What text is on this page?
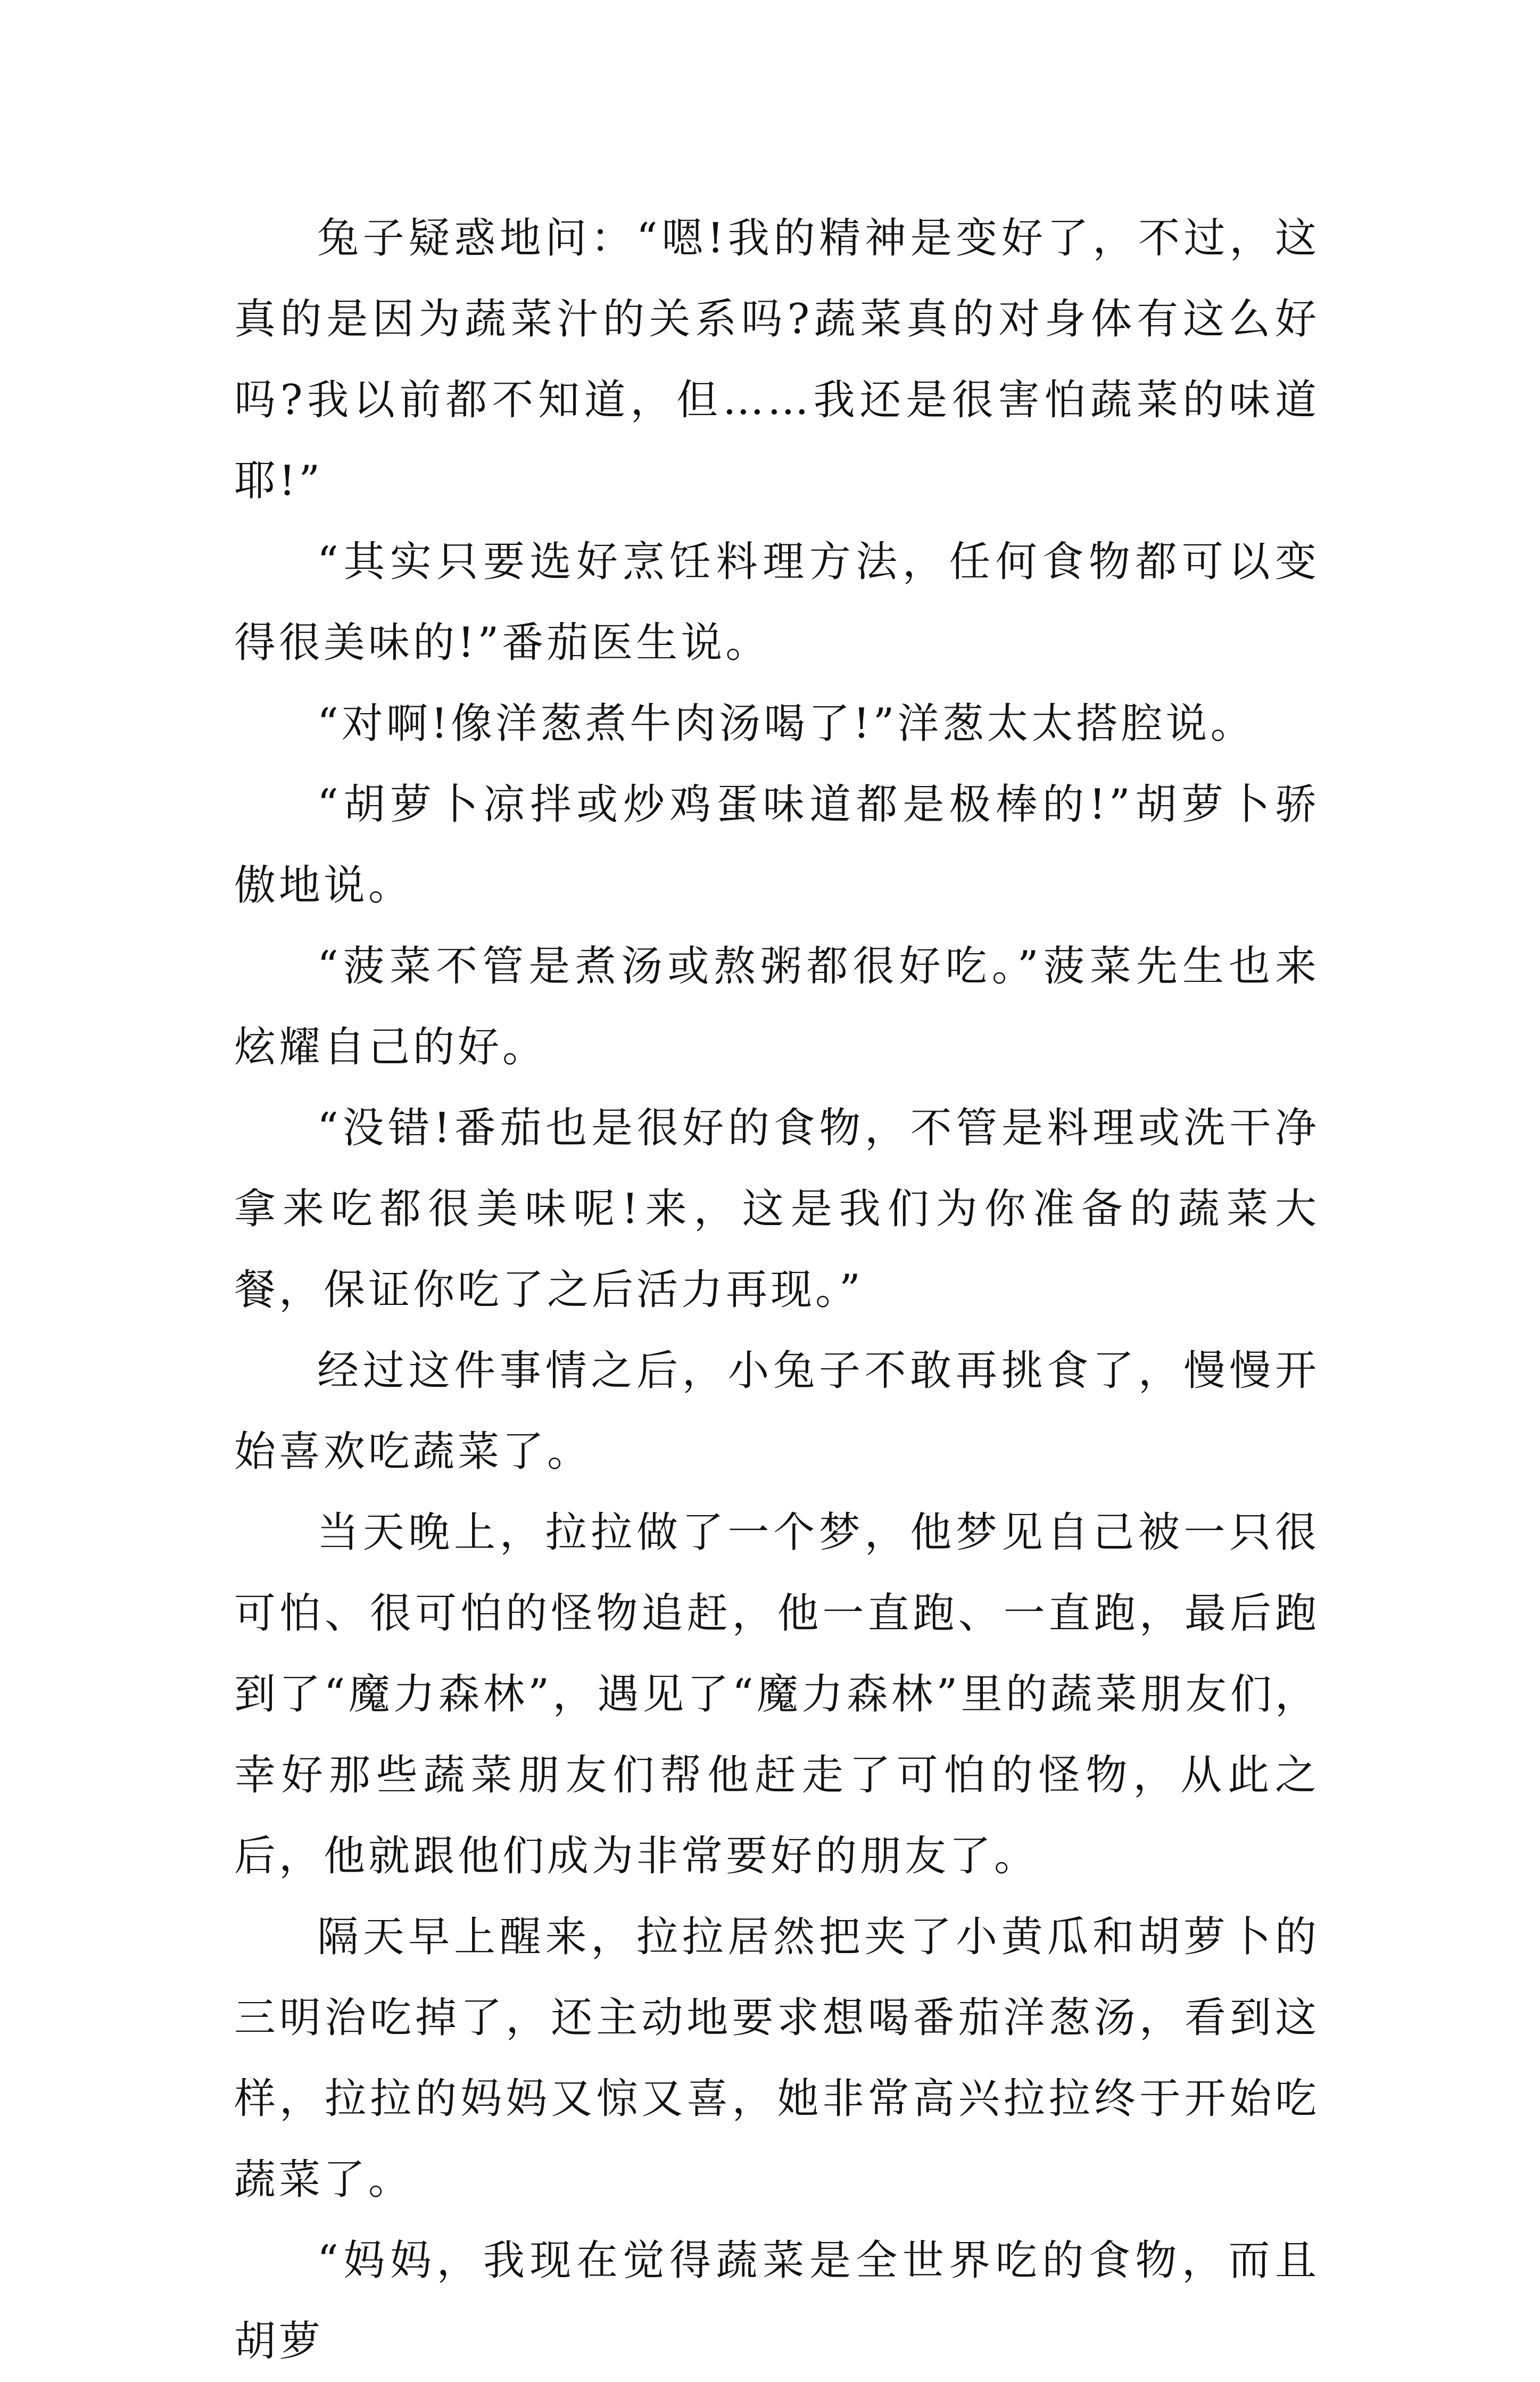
兔子疑惑地问：“嗯!我的精神是变好了，不过，这真的是因为蔬菜汁的关系吗?蔬菜真的对身体有这么好吗?我以前都不知道，但……我还是很害怕蔬菜的味道耶!”

“其实只要选好烹饪料理方法，任何食物都可以变得很美味的!”番茄医生说。

“对啊!像洋葱煮牛肉汤喝了!”洋葱太太搭腔说。

“胡萝卜凉拌或炒鸡蛋味道都是极棒的!”胡萝卜骄傲地说。

“菠菜不管是煮汤或熬粥都很好吃。”菠菜先生也来炫耀自己的好。

“没错!番茄也是很好的食物，不管是料理或洗干净拿来吃都很美味呢!来，这是我们为你准备的蔬菜大餐，保证你吃了之后活力再现。”

经过这件事情之后，小兔子不敢再挑食了，慢慢开始喜欢吃蔬菜了。

当天晚上，拉拉做了一个梦，他梦见自己被一只很可怕、很可怕的怪物追赶，他一直跑、一直跑，最后跑到了“魔力森林”，遇见了“魔力森林”里的蔬菜朋友们，幸好那些蔬菜朋友们帮他赶走了可怕的怪物，从此之后，他就跟他们成为非常要好的朋友了。

隔天早上醒来，拉拉居然把夹了小黄瓜和胡萝卜的三明治吃掉了，还主动地要求想喝番茄洋葱汤，看到这样，拉拉的妈妈又惊又喜，她非常高兴拉拉终于开始吃蔬菜了。

“妈妈，我现在觉得蔬菜是全世界吃的食物，而且胡萝
